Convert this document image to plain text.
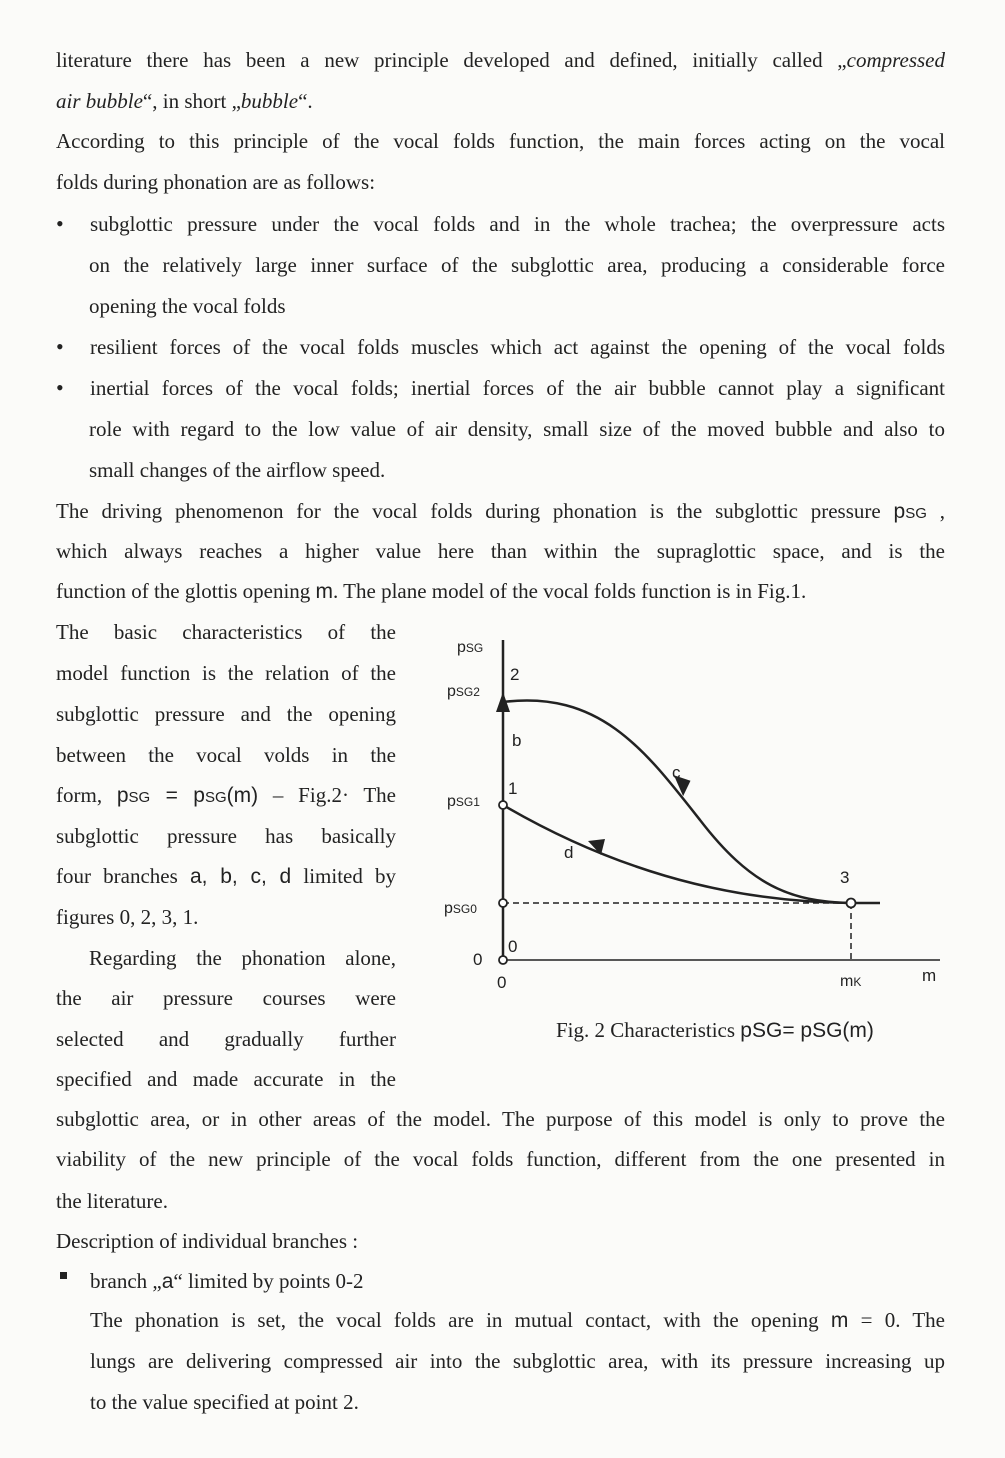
literature there has been a new principle developed and defined, initially called „compressed
air bubble“, in short „bubble“.
According to this principle of the vocal folds function, the main forces acting on the vocal
folds during phonation are as follows:
• subglottic pressure under the vocal folds and in the whole trachea; the overpressure acts
on the relatively large inner surface of the subglottic area, producing a considerable force
opening the vocal folds
• resilient forces of the vocal folds muscles which act against the opening of the vocal folds
• inertial forces of the vocal folds; inertial forces of the air bubble cannot play a significant
role with regard to the low value of air density, small size of the moved bubble and also to
small changes of the airflow speed.
The driving phenomenon for the vocal folds during phonation is the subglottic pressure pSG ,
which always reaches a higher value here than within the supraglottic space, and is the
function of the glottis opening m. The plane model of the vocal folds function is in Fig.1.
The basic characteristics of the
model function is the relation of the
subglottic pressure and the opening
between the vocal volds in the
form, pSG = pSG(m) – Fig.2· The
subglottic pressure has basically
four branches a, b, c, d limited by
figures 0, 2, 3, 1.
Regarding the phonation alone,
the air pressure courses were
selected and gradually further
specified and made accurate in the
pSG
pSG2
pSG1
pSG0
0
0	mK	m
2
1
0
3
b
c
d
Fig. 2 Characteristics pSG= pSG(m)
subglottic area, or in other areas of the model. The purpose of this model is only to prove the
viability of the new principle of the vocal folds function, different from the one presented in
the literature.
Description of individual branches :
branch „a“ limited by points 0-2
The phonation is set, the vocal folds are in mutual contact, with the opening m = 0. The
lungs are delivering compressed air into the subglottic area, with its pressure increasing up
to the value specified at point 2.
